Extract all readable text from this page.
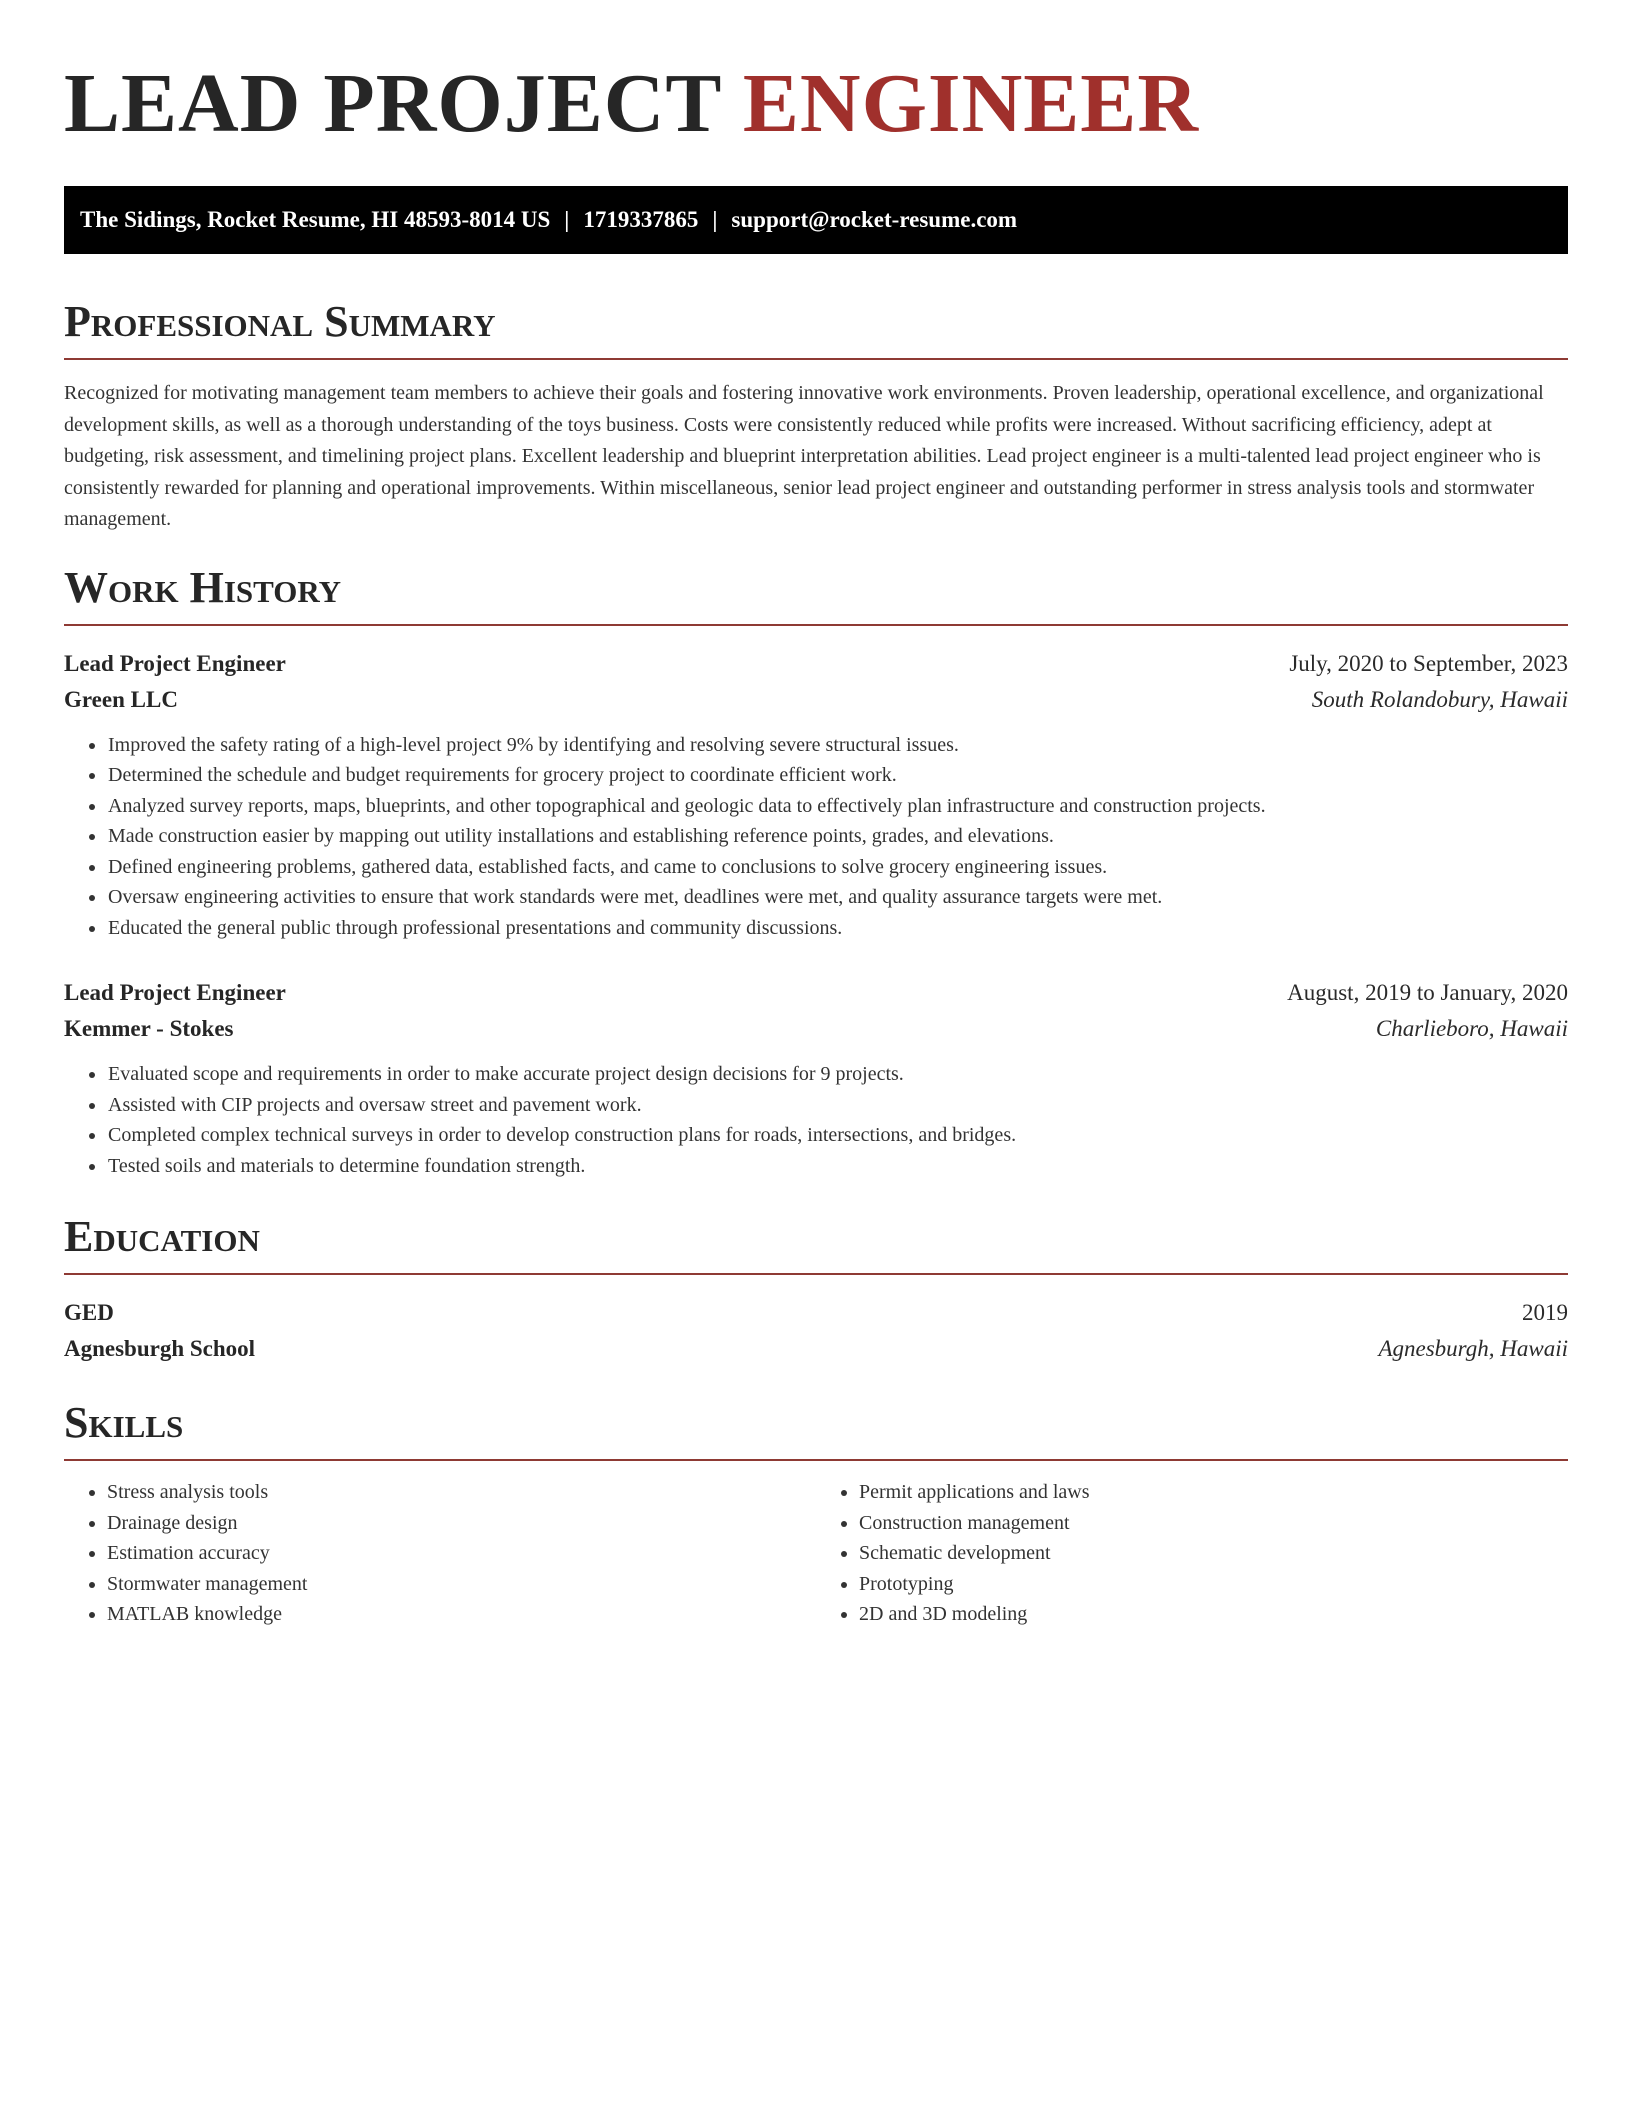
LEAD PROJECT ENGINEER
The Sidings, Rocket Resume, HI 48593-8014 US | 1719337865 | support@rocket-resume.com
Professional Summary

Recognized for motivating management team members to achieve their goals and fostering innovative work environments. Proven leadership, operational excellence, and organizational development skills, as well as a thorough understanding of the toys business. Costs were consistently reduced while profits were increased. Without sacrificing efficiency, adept at budgeting, risk assessment, and timelining project plans. Excellent leadership and blueprint interpretation abilities. Lead project engineer is a multi-talented lead project engineer who is consistently rewarded for planning and operational improvements. Within miscellaneous, senior lead project engineer and outstanding performer in stress analysis tools and stormwater management.

Work History
Lead Project Engineer	July, 2020 to September, 2023
Green LLC	South Rolandobury, Hawaii
• Improved the safety rating of a high-level project 9% by identifying and resolving severe structural issues.
• Determined the schedule and budget requirements for grocery project to coordinate efficient work.
• Analyzed survey reports, maps, blueprints, and other topographical and geologic data to effectively plan infrastructure and construction projects.
• Made construction easier by mapping out utility installations and establishing reference points, grades, and elevations.
• Defined engineering problems, gathered data, established facts, and came to conclusions to solve grocery engineering issues.
• Oversaw engineering activities to ensure that work standards were met, deadlines were met, and quality assurance targets were met.
• Educated the general public through professional presentations and community discussions.
Lead Project Engineer	August, 2019 to January, 2020
Kemmer - Stokes	Charlieboro, Hawaii
• Evaluated scope and requirements in order to make accurate project design decisions for 9 projects.
• Assisted with CIP projects and oversaw street and pavement work.
• Completed complex technical surveys in order to develop construction plans for roads, intersections, and bridges.
• Tested soils and materials to determine foundation strength.
Education
GED	2019
Agnesburgh School	Agnesburgh, Hawaii
Skills
• Stress analysis tools
• Drainage design
• Estimation accuracy
• Stormwater management
• MATLAB knowledge
• Permit applications and laws
• Construction management
• Schematic development
• Prototyping
• 2D and 3D modeling
